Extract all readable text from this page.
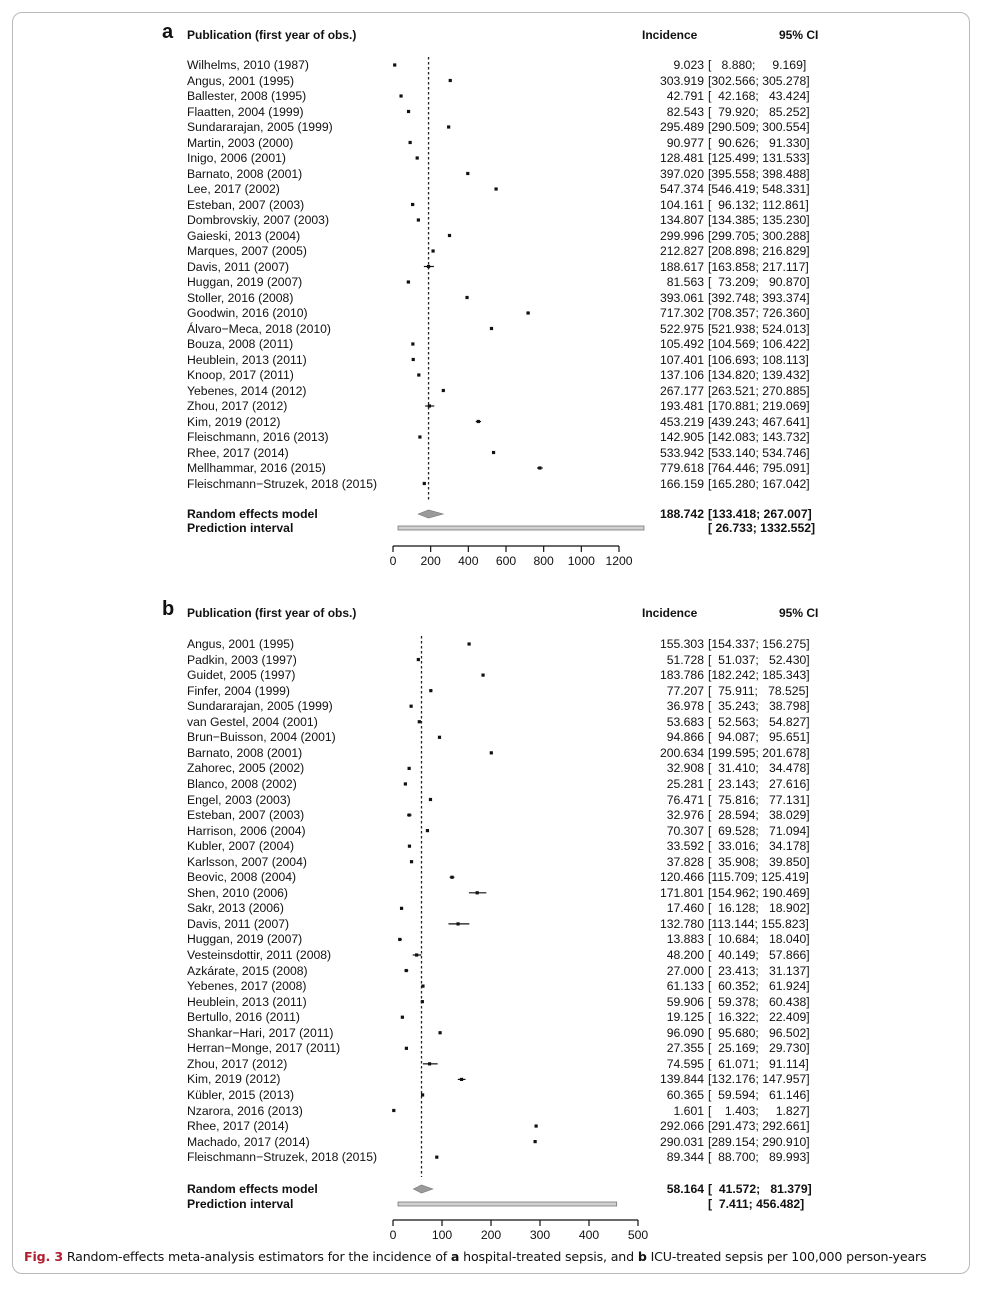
a Publication (first year of obs.)	Incidence	95% CI
Wilhelms, 2010 (1987)	9.023 [   8.880;     9.169]
Angus, 2001 (1995)	303.919 [302.566; 305.278]
Ballester, 2008 (1995)	42.791 [  42.168;   43.424]
Flaatten, 2004 (1999)	82.543 [  79.920;   85.252]
Sundararajan, 2005 (1999)	295.489 [290.509; 300.554]
Martin, 2003 (2000)	90.977 [  90.626;   91.330]
Inigo, 2006 (2001)	128.481 [125.499; 131.533]
Barnato, 2008 (2001)	397.020 [395.558; 398.488]
Lee, 2017 (2002)	547.374 [546.419; 548.331]
Esteban, 2007 (2003)	104.161 [  96.132; 112.861]
Dombrovskiy, 2007 (2003)	134.807 [134.385; 135.230]
Gaieski, 2013 (2004)	299.996 [299.705; 300.288]
Marques, 2007 (2005)	212.827 [208.898; 216.829]
Davis, 2011 (2007)	188.617 [163.858; 217.117]
Huggan, 2019 (2007)	81.563 [  73.209;   90.870]
Stoller, 2016 (2008)	393.061 [392.748; 393.374]
Goodwin, 2016 (2010)	717.302 [708.357; 726.360]
Álvaro−Meca, 2018 (2010)	522.975 [521.938; 524.013]
Bouza, 2008 (2011)	105.492 [104.569; 106.422]
Heublein, 2013 (2011)	107.401 [106.693; 108.113]
Knoop, 2017 (2011)	137.106 [134.820; 139.432]
Yebenes, 2014 (2012)	267.177 [263.521; 270.885]
Zhou, 2017 (2012)	193.481 [170.881; 219.069]
Kim, 2019 (2012)	453.219 [439.243; 467.641]
Fleischmann, 2016 (2013)	142.905 [142.083; 143.732]
Rhee, 2017 (2014)	533.942 [533.140; 534.746]
Mellhammar, 2016 (2015)	779.618 [764.446; 795.091]
Fleischmann−Struzek, 2018 (2015)	166.159 [165.280; 167.042]
Random effects model	188.742 [133.418; 267.007]
Prediction interval	[ 26.733; 1332.552]
0	200	400	600	800	1000 1200
b Publication (first year of obs.)	Incidence	95% CI
Angus, 2001 (1995)	155.303 [154.337; 156.275]
Padkin, 2003 (1997)	51.728 [  51.037;   52.430]
Guidet, 2005 (1997)	183.786 [182.242; 185.343]
Finfer, 2004 (1999)	77.207 [  75.911;   78.525]
Sundararajan, 2005 (1999)	36.978 [  35.243;   38.798]
van Gestel, 2004 (2001)	53.683 [  52.563;   54.827]
Brun−Buisson, 2004 (2001)	94.866 [  94.087;   95.651]
Barnato, 2008 (2001)	200.634 [199.595; 201.678]
Zahorec, 2005 (2002)	32.908 [  31.410;   34.478]
Blanco, 2008 (2002)	25.281 [  23.143;   27.616]
Engel, 2003 (2003)	76.471 [  75.816;   77.131]
Esteban, 2007 (2003)	32.976 [  28.594;   38.029]
Harrison, 2006 (2004)	70.307 [  69.528;   71.094]
Kubler, 2007 (2004)	33.592 [  33.016;   34.178]
Karlsson, 2007 (2004)	37.828 [  35.908;   39.850]
Beovic, 2008 (2004)	120.466 [115.709; 125.419]
Shen, 2010 (2006)	171.801 [154.962; 190.469]
Sakr, 2013 (2006)	17.460 [  16.128;   18.902]
Davis, 2011 (2007)	132.780 [113.144; 155.823]
Huggan, 2019 (2007)	13.883 [  10.684;   18.040]
Vesteinsdottir, 2011 (2008)	48.200 [  40.149;   57.866]
Azkárate, 2015 (2008)	27.000 [  23.413;   31.137]
Yebenes, 2017 (2008)	61.133 [  60.352;   61.924]
Heublein, 2013 (2011)	59.906 [  59.378;   60.438]
Bertullo, 2016 (2011)	19.125 [  16.322;   22.409]
Shankar−Hari, 2017 (2011)	96.090 [  95.680;   96.502]
Herran−Monge, 2017 (2011)	27.355 [  25.169;   29.730]
Zhou, 2017 (2012)	74.595 [  61.071;   91.114]
Kim, 2019 (2012)	139.844 [132.176; 147.957]
Kübler, 2015 (2013)	60.365 [  59.594;   61.146]
Nzarora, 2016 (2013)	1.601 [    1.403;     1.827]
Rhee, 2017 (2014)	292.066 [291.473; 292.661]
Machado, 2017 (2014)	290.031 [289.154; 290.910]
Fleischmann−Struzek, 2018 (2015)	89.344 [  88.700;   89.993]
Random effects model	58.164 [  41.572;   81.379]
Prediction interval	[  7.411; 456.482]
0	100	200	300	400	500
Fig. 3 Random-effects meta-analysis estimators for the incidence of a hospital-treated sepsis, and b ICU-treated sepsis per 100,000 person-years
